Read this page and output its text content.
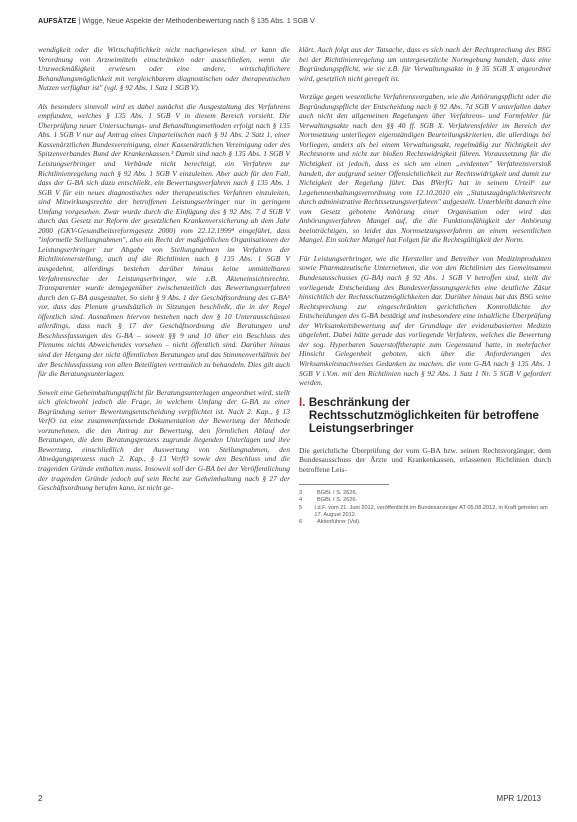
AUFSÄTZE | Wigge, Neue Aspekte der Methodenbewertung nach § 135 Abs. 1 SGB V

wendigkeit oder die Wirtschaftlichkeit nicht nachgewiesen sind, er kann die Verordnung von Arzneimitteln einschränken oder ausschließen, wenn die Unzweckmäßigkeit erwiesen oder eine andere, wirtschaftlichere Behandlungsmöglichkeit mit vergleichbarem diagnostischen oder therapeutischen Nutzen verfügbar ist" (vgl. § 92 Abs. 1 Satz 1 SGB V).

Als besonders sinnvoll wird es dabei zunächst die Ausgestaltung des Verfahrens empfunden, welches § 135 Abs. 1 SGB V in diesem Bereich vorsieht. Die Überprüfung neuer Untersuchungs- und Behandlungsmethoden erfolgt nach § 135 Abs. 1 SGB V nur auf Antrag eines Unparteiischen nach § 91 Abs. 2 Satz 1, einer Kassenärztlichen Bundesvereinigung, einer Kassenärztlichen Vereinigung oder des Spitzenverbandes Bund der Krankenkassen.³ Damit sind nach § 135 Abs. 1 SGB V Leistungserbringer und Verbände nicht berechtigt, ein Verfahren zur Richtlinienregelung nach § 92 Abs. 1 SGB V einzuleiten. Aber auch für den Fall, dass der G-BA sich dazu entschließt, ein Bewertungsverfahren nach § 135 Abs. 1 SGB V für ein neues diagnostisches oder therapeutisches Verfahren einzuleiten, sind Mitwirkungsrechte der betroffenen Leistungserbringer nur in geringem Umfang vorgesehen. Zwar wurde durch die Einfügung des § 92 Abs. 7 d SGB V durch das Gesetz zur Reform der gesetzlichen Krankenversicherung ab dem Jahr 2000 (GKV-Gesundheitsreformgesetz 2000) vom 22.12.1999⁴ eingeführt, dass "informelle Stellungnahmen", also ein Recht der maßgeblichen Organisationen der Leistungserbringer zur Abgabe von Stellungnahmen im Verfahren der Richtlinienerstellung, auch auf die Richtlinien nach § 135 Abs. 1 SGB V ausgedehnt, allerdings bestehen darüber hinaus keine unmittelbaren Verfahrensrechte der Leistungserbringer, wie z.B. Akteneinsichtsrechte. Transparenter wurde demgegenüber zwischenzeitlich das Bewertungsverfahren durch den G-BA ausgestaltet. So sieht § 9 Abs. 1 der Geschäftsordnung des G-BA⁵ vor, dass das Plenum grundsätzlich in Sitzungen beschließt, die in der Regel öffentlich sind. Ausnahmen hiervon bestehen nach den § 10 Unterausschüssen allerdings, dass nach § 17 der Geschäftsordnung die Beratungen und Beschlussfassungen des G-BA – soweit §§ 9 und 10 über ein Beschluss des Plenums nichts Abweichendes vorsehen – nicht öffentlich sind. Darüber hinaus sind der Hergang der nicht öffentlichen Beratungen und das Stimmenverhältnis bei der Beschlussfassung von allen Beteiligten vertraulich zu behandeln. Dies gilt auch für die Beratungsunterlagen.

Soweit eine Geheimhaltungspflicht für Beratungsunterlagen angeordnet wird, stellt sich gleichwohl jedoch die Frage, in welchem Umfang der G-BA zu einer Begründung seiner Bewertungsentscheidung verpflichtet ist. Nach 2. Kap., § 13 VerfO ist eine zusammenfassende Dokumentation der Bewertung der Methode vorzunehmen, die den Antrag zur Bewertung, den förmlichen Ablauf der Beratungen, die dem Beratungsprozess zugrunde liegenden Unterlagen und ihre Bewertung, einschließlich der Auswertung von Stellungnahmen, den Abwägungsprozess nach 2. Kap., § 13 VerfO sowie den Beschluss und die tragenden Gründe enthalten muss. Insoweit soll der G-BA bei der Veröffentlichung der tragenden Gründe jedoch auf sein Recht zur Geheimhaltung nach § 27 der Geschäftsordnung berufen kann, ist nicht ge-

klärt. Auch folgt aus der Tatsache, dass es sich nach der Rechtsprechung des BSG bei der Richtlinienregelung um untergesetzliche Normgebung handelt, dass eine Begründungspflicht, wie sie z.B. für Verwaltungsakte in § 35 SGB X angeordnet wird, gesetzlich nicht geregelt ist.

Vorzüge gegen wesentliche Verfahrensvorgaben, wie die Anhörungspflicht oder die Begründungspflicht der Entscheidung nach § 92 Abs. 7d SGB V unterfallen daher auch nicht den allgemeinen Regelungen über Verfahrens- und Formfehler für Verwaltungsakte nach den §§ 40 ff. SGB X. Verfahrensfehler im Bereich der Normsetzung unterliegen eigenständigen Beurteilungskriterien, die allerdings bei Vorliegen, anders als bei einem Verwaltungsakt, regelmäßig zur Nichtigkeit der Rechtsnorm und nicht zur bloßen Rechtswidrigkeit führen. Voraussetzung für die Nichtigkeit ist jedoch, dass es sich um einen „evidenten" Verfahrensverstoß handelt, der aufgrund seiner Offensichtlichkeit zur Rechtswidrigkeit und damit zur Nichtigkeit der Regelung führt. Das BVerfG hat in seinem Urteil⁶ zur Legehennenhaltungsverordnung vom 12.10.2010 ein „Statuszugänglichkeitsrecht durch administrative Rechtssetzungsverfahren" aufgestellt. Unterbleibt danach eine vom Gesetz gebotene Anhörung einer Organisation oder wird das Anhörungsverfahren Mangel auf, die die Funktionsfähigkeit der Anhörung beeinträchtigen, so leidet das Normsetzungsverfahren an einem wesentlichen Mangel. Ein solcher Mangel hat Folgen für die Rechtsgültigkeit der Norm.

Für Leistungserbringer, wie die Hersteller und Betreiber von Medizinprodukten sowie Pharmazeutische Unternehmen, die von den Richtlinien des Gemeinsamen Bundesausschusses (G-BA) nach § 92 Abs. 1 SGB V betroffen sind, stellt die vorliegende Entscheidung des Bundesverfassungsgerichts eine deutliche Zäsur hinsichtlich der Rechtsschutzmöglichkeiten dar. Darüber hinaus hat das BSG seine Rechtsprechung zur eingeschränkten gerichtlichen Kontrolldichte der Entscheidungen des G-BA bestätigt und insbesondere eine inhaltliche Überprüfung der Wirksamkeitsbewertung auf der Grundlage der evidenzbasierten Medizin abgelehnt. Dabei hätte gerade das vorliegende Verfahren, welches die Bewertung der sog. Hyperbaren Sauerstofftherapie zum Gegenstand hatte, in mehrfacher Hinsicht Gelegenheit geboten, sich über die Anforderungen des Wirksamkeitsnachweises Gedanken zu machen, die vom G-BA nach § 135 Abs. 1 SGB V i.V.m. mit den Richtlinien nach § 92 Abs. 1 Satz 1 Nr. 5 SGB V gefordert werden.

I. Beschränkung der Rechtsschutzmöglichkeiten für betroffene Leistungserbringer

Die gerichtliche Überprüfung der vom G-BA bzw. seinen Rechtsvorgänger, dem Bundesausschuss der Ärzte und Krankenkassen, erlassenen Richtlinien durch betroffene Leis-

3	BGBl. I S. 2626.
4	BGBl. I S. 2626.
5	I.d.F. vom 21. Juni 2012, veröffentlicht im Bundesanzeiger AT 05.08.2012, in Kraft getreten am 17. August 2012.
6	Aktenführer (Vol).
2	MPR 1/2013
